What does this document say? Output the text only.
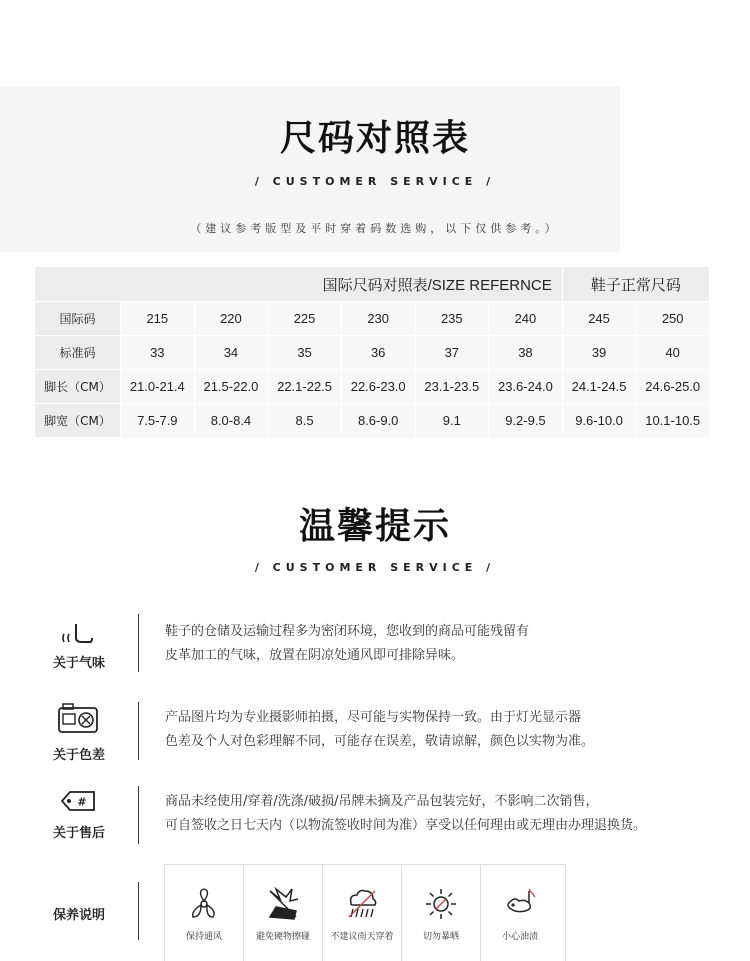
尺码对照表
/ CUSTOMER SERVICE /
（建议参考版型及平时穿着码数选购，以下仅供参考。）
国际尺码对照表/SIZE REFERNCE							鞋子正常尺码	
国际码	215	220	225	230	235	240	245	250
标准码	33	34	35	36	37	38	39	40
脚长（CM）	21.0-21.4	21.5-22.0	22.1-22.5	22.6-23.0	23.1-23.5	23.6-24.0	24.1-24.5	24.6-25.0
脚宽（CM）	7.5-7.9	8.0-8.4	8.5	8.6-9.0	9.1	9.2-9.5	9.6-10.0	10.1-10.5
温馨提示
/ CUSTOMER SERVICE /
关于气味
鞋子的仓储及运输过程多为密闭环境，您收到的商品可能残留有
皮革加工的气味，放置在阴凉处通风即可排除异味。
关于色差
产品图片均为专业摄影师拍摄，尽可能与实物保持一致。由于灯光显示器
色差及个人对色彩理解不同，可能存在误差，敬请谅解，颜色以实物为准。
#
关于售后
商品未经使用/穿着/洗涤/破损/吊牌未摘及产品包装完好，不影响二次销售，
可自签收之日七天内（以物流签收时间为准）享受以任何理由或无理由办理退换货。
保养说明
保持通风	避免硬物擦碰	不建议雨天穿着	切勿暴晒	小心油渍
